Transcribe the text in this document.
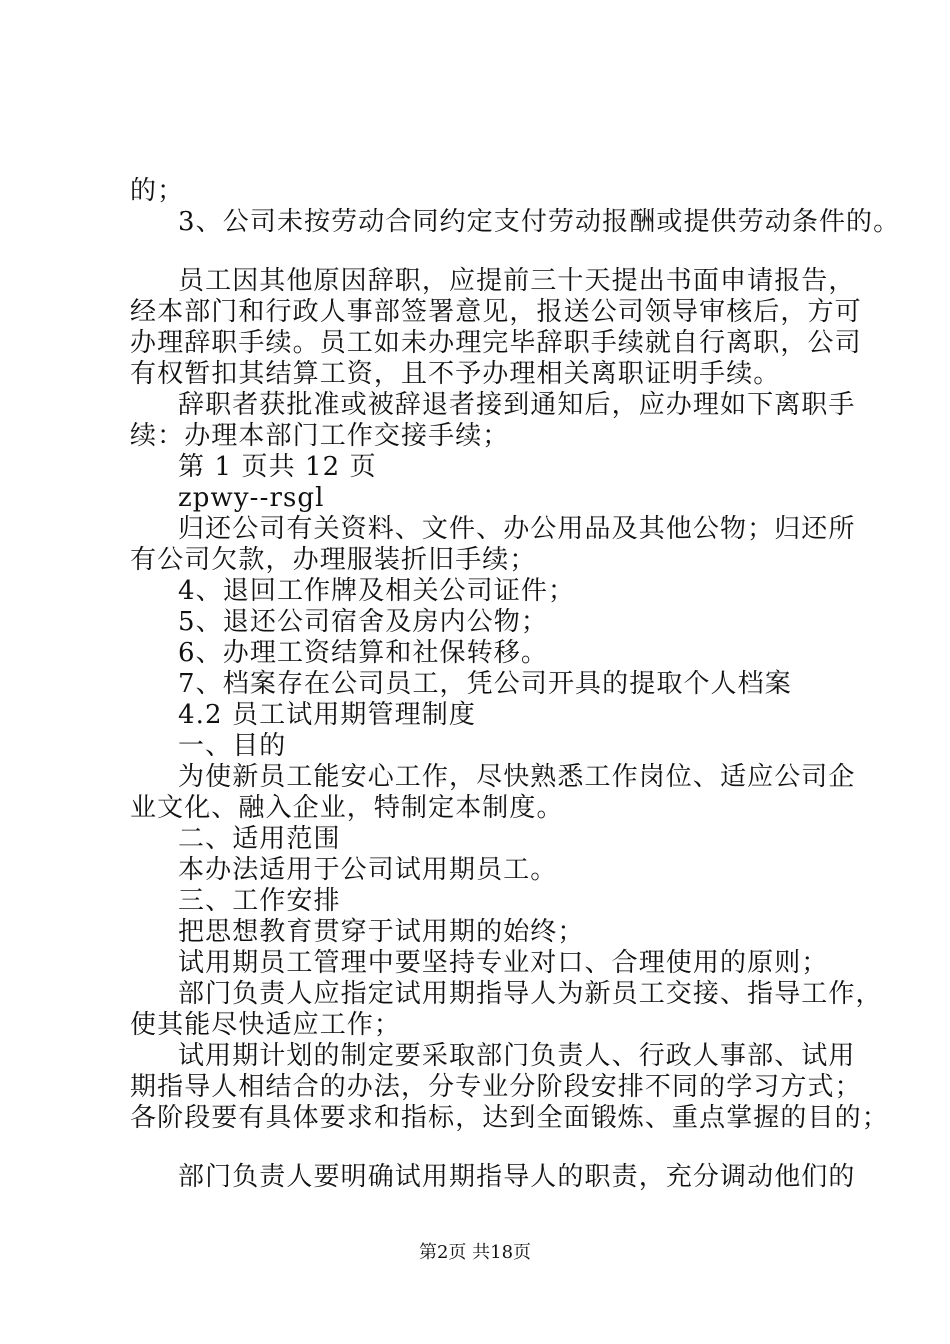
的；
3、公司未按劳动合同约定支付劳动报酬或提供劳动条件的。
员工因其他原因辞职，应提前三十天提出书面申请报告，
经本部门和行政人事部签署意见，报送公司领导审核后，方可
办理辞职手续。员工如未办理完毕辞职手续就自行离职，公司
有权暂扣其结算工资，且不予办理相关离职证明手续。
辞职者获批准或被辞退者接到通知后，应办理如下离职手
续：办理本部门工作交接手续；
第 1 页共 12 页
zpwy--rsgl
归还公司有关资料、文件、办公用品及其他公物；归还所
有公司欠款，办理服装折旧手续；
4、退回工作牌及相关公司证件；
5、退还公司宿舍及房内公物；
6、办理工资结算和社保转移。
7、档案存在公司员工，凭公司开具的提取个人档案
4.2 员工试用期管理制度
一、目的
为使新员工能安心工作，尽快熟悉工作岗位、适应公司企
业文化、融入企业，特制定本制度。
二、适用范围
本办法适用于公司试用期员工。
三、工作安排
把思想教育贯穿于试用期的始终；
试用期员工管理中要坚持专业对口、合理使用的原则；
部门负责人应指定试用期指导人为新员工交接、指导工作，
使其能尽快适应工作；
试用期计划的制定要采取部门负责人、行政人事部、试用
期指导人相结合的办法，分专业分阶段安排不同的学习方式；
各阶段要有具体要求和指标，达到全面锻炼、重点掌握的目的；
部门负责人要明确试用期指导人的职责，充分调动他们的
第2页 共18页
